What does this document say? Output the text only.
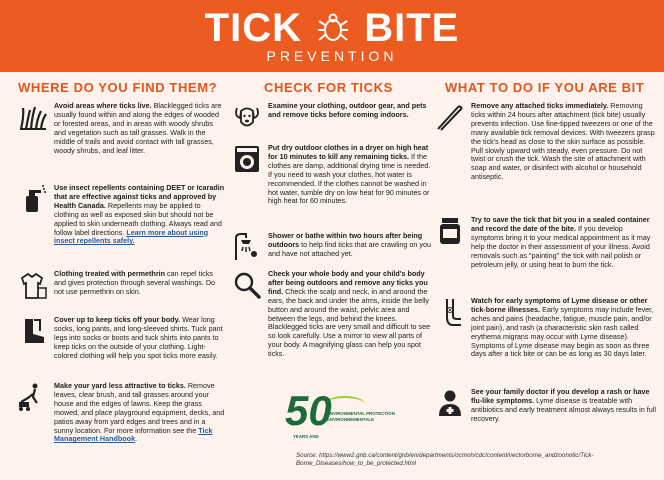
TICK BITE
PREVENTION
WHERE DO YOU FIND THEM?
Avoid areas where ticks live. Blacklegged ticks are usually found within and along the edges of wooded or forested areas, and in areas with woody shrubs and vegetation such as tall grasses. Walk in the middle of trails and avoid contact with tall grasses, woody shrubs, and leaf litter.
Use insect repellents containing DEET or Icaradin that are effective against ticks and approved by Health Canada. Repellents may be applied to clothing as well as exposed skin but should not be applied to skin underneath clothing. Always read and follow label directions. Learn more about using insect repellents safely.
Clothing treated with permethrin can repel ticks and gives protection through several washings. Do not use permethrin on skin.
Cover up to keep ticks off your body. Wear long socks, long pants, and long-sleeved shirts. Tuck pant legs into socks or boots and tuck shirts into pants to keep ticks on the outside of your clothing. Light-colored clothing will help you spot ticks more easily.
Make your yard less attractive to ticks. Remove leaves, clear brush, and tall grasses around your house and the edges of lawns. Keep the grass mowed, and place playground equipment, decks, and patios away from yard edges and trees and in a sunny location. For more information see the Tick Management Handbook.
CHECK FOR TICKS
Examine your clothing, outdoor gear, and pets and remove ticks before coming indoors.
Put dry outdoor clothes in a dryer on high heat for 10 minutes to kill any remaining ticks. If the clothes are damp, additional drying time is needed. If you need to wash your clothes, hot water is recommended. If the clothes cannot be washed in hot water, tumble dry on low heat for 90 minutes or high heat for 60 minutes.
Shower or bathe within two hours after being outdoors to help find ticks that are crawling on you and have not attached yet.
Check your whole body and your child's body after being outdoors and remove any ticks you find. Check the scalp and neck, in and around the ears, the back and under the arms, inside the belly button and around the waist, pelvic area and between the legs, and behind the knees. Blacklegged ticks are very small and difficult to see so look carefully. Use a mirror to view all parts of your body. A magnifying glass can help you spot ticks.
WHAT TO DO IF YOU ARE BIT
Remove any attached ticks immediately. Removing ticks within 24 hours after attachment (tick bite) usually prevents infection. Use fine-tipped tweezers or one of the many available tick removal devices. With tweezers grasp the tick's head as close to the skin surface as possible. Pull slowly upward with steady, even pressure. Do not twist or crush the tick. Wash the site of attachment with soap and water, or disinfect with alcohol or household antiseptic.
Try to save the tick that bit you in a sealed container and record the date of the bite. If you develop symptoms bring it to your medical appointment as it may help the doctor in their assessment of your illness. Avoid removals such as "painting" the tick with nail polish or petroleum jelly, or using heat to burn the tick.
Watch for early symptoms of Lyme disease or other tick-borne illnesses. Early symptoms may include fever, aches and pains (headache, fatigue, muscle pain, and/or joint pain), and rash (a characteristic skin rash called erythema migrans may occur with Lyme disease). Symptoms of Lyme disease may begin as soon as three days after a tick bite or can be as long as 30 days later.
See your family doctor if you develop a rash or have flu-like symptoms. Lyme disease is treatable with antibiotics and early treatment almost always results in full recovery.
50
ENVIRONMENTAL PROTECTION
ENVIRONNEMENTALE
YEARS AND
Source: https://www2.gnb.ca/content/gnb/en/departments/ocmoh/cdc/content/vectorborne_andzoonotic/Tick-Borne_Diseases/how_to_be_protected.html
